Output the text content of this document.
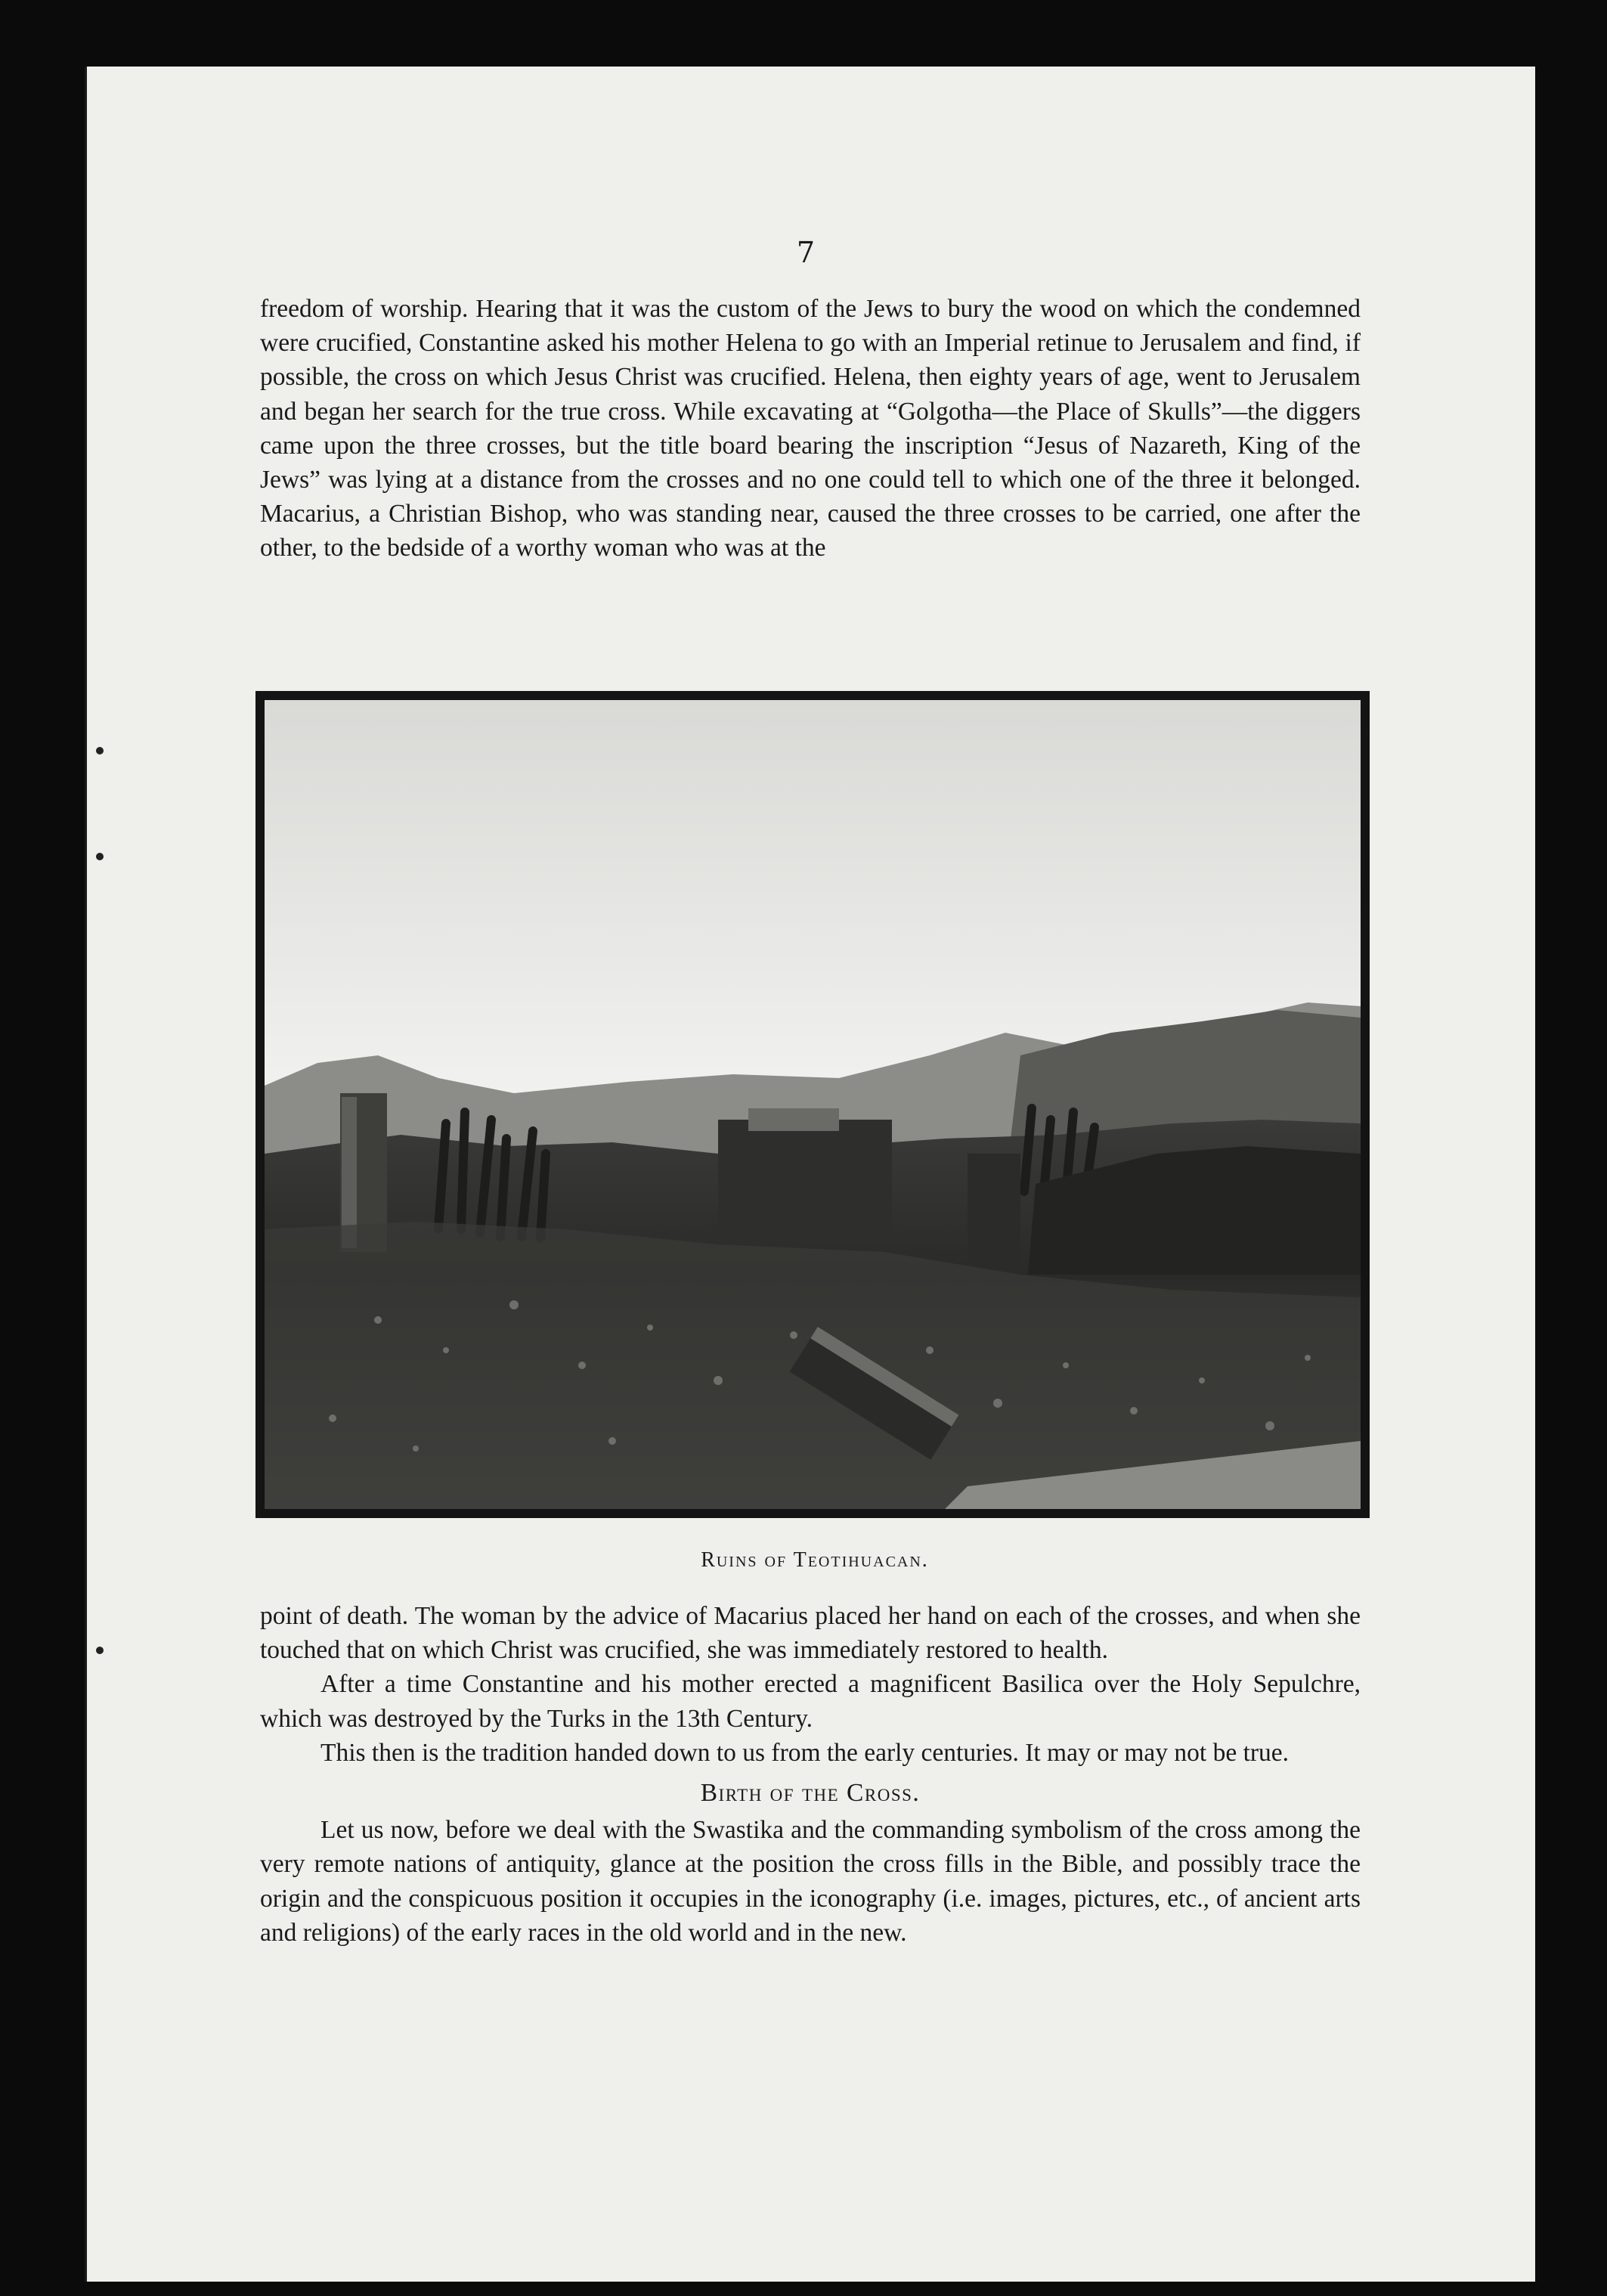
7

freedom of worship. Hearing that it was the custom of the Jews to bury the wood on which the condemned were crucified, Constantine asked his mother Helena to go with an Imperial retinue to Jerusalem and find, if possible, the cross on which Jesus Christ was crucified. Helena, then eighty years of age, went to Jerusalem and began her search for the true cross. While excavating at “Golgotha—the Place of Skulls”—the diggers came upon the three crosses, but the title board bearing the inscription “Jesus of Nazareth, King of the Jews” was lying at a distance from the crosses and no one could tell to which one of the three it belonged. Macarius, a Christian Bishop, who was standing near, caused the three crosses to be carried, one after the other, to the bedside of a worthy woman who was at the

Ruins of Teotihuacan.

point of death. The woman by the advice of Macarius placed her hand on each of the crosses, and when she touched that on which Christ was crucified, she was immediately restored to health.

After a time Constantine and his mother erected a magnificent Basilica over the Holy Sepulchre, which was destroyed by the Turks in the 13th Century.

This then is the tradition handed down to us from the early centuries. It may or may not be true.

Birth of the Cross.

Let us now, before we deal with the Swastika and the commanding symbolism of the cross among the very remote nations of antiquity, glance at the position the cross fills in the Bible, and possibly trace the origin and the conspicuous position it occupies in the iconography (i.e. images, pictures, etc., of ancient arts and religions) of the early races in the old world and in the new.
